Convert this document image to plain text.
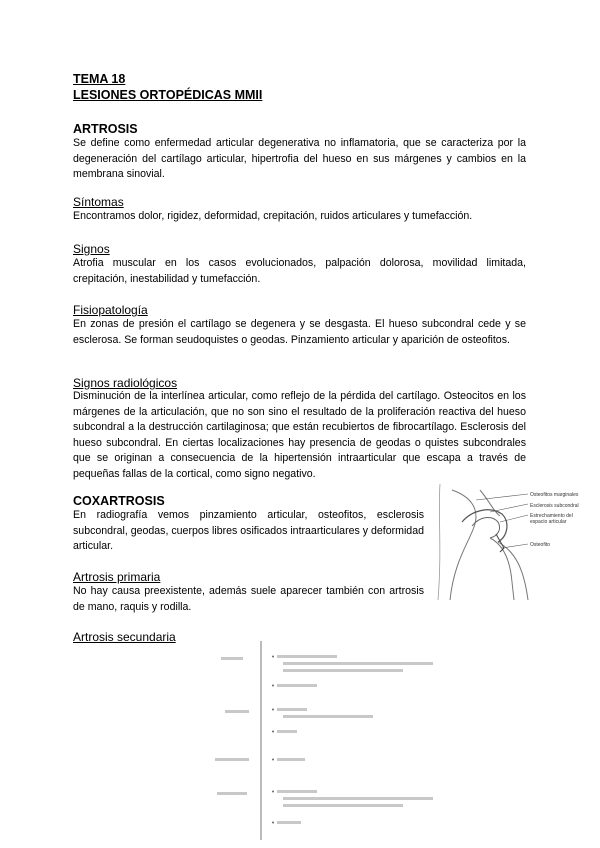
TEMA 18
LESIONES ORTOPÉDICAS MMII
ARTROSIS

Se define como enfermedad articular degenerativa no inflamatoria, que se caracteriza por la degeneración del cartílago articular, hipertrofia del hueso en sus márgenes y cambios en la membrana sinovial.

Síntomas

Encontramos dolor, rigidez, deformidad, crepitación, ruidos articulares y tumefacción.

Signos

Atrofia muscular en los casos evolucionados, palpación dolorosa, movilidad limitada, crepitación, inestabilidad y tumefacción.

Fisiopatología

En zonas de presión el cartílago se degenera y se desgasta. El hueso subcondral cede y se esclerosa. Se forman seudoquistes o geodas. Pinzamiento articular y aparición de osteofitos.

Signos radiológicos

Disminución de la interlínea articular, como reflejo de la pérdida del cartílago. Osteocitos en los márgenes de la articulación, que no son sino el resultado de la proliferación reactiva del hueso subcondral a la destrucción cartilaginosa; que están recubiertos de fibrocartílago. Esclerosis del hueso subcondral. En ciertas localizaciones hay presencia de geodas o quistes subcondrales que se originan a consecuencia de la hipertensión intraarticular que escapa a través de pequeñas fallas de la cortical, como signo negativo.

COXARTROSIS

En radiografía vemos pinzamiento articular, osteofitos, esclerosis subcondral, geodas, cuerpos libres osificados intraarticulares y deformidad articular.

Artrosis primaria

No hay causa preexistente, además suele aparecer también con artrosis de mano, raquis y rodilla.

Artrosis secundaria
Osteofitos marginales
Esclerosis subcondral
Estrechamiento del
espacio articular
Osteofito
